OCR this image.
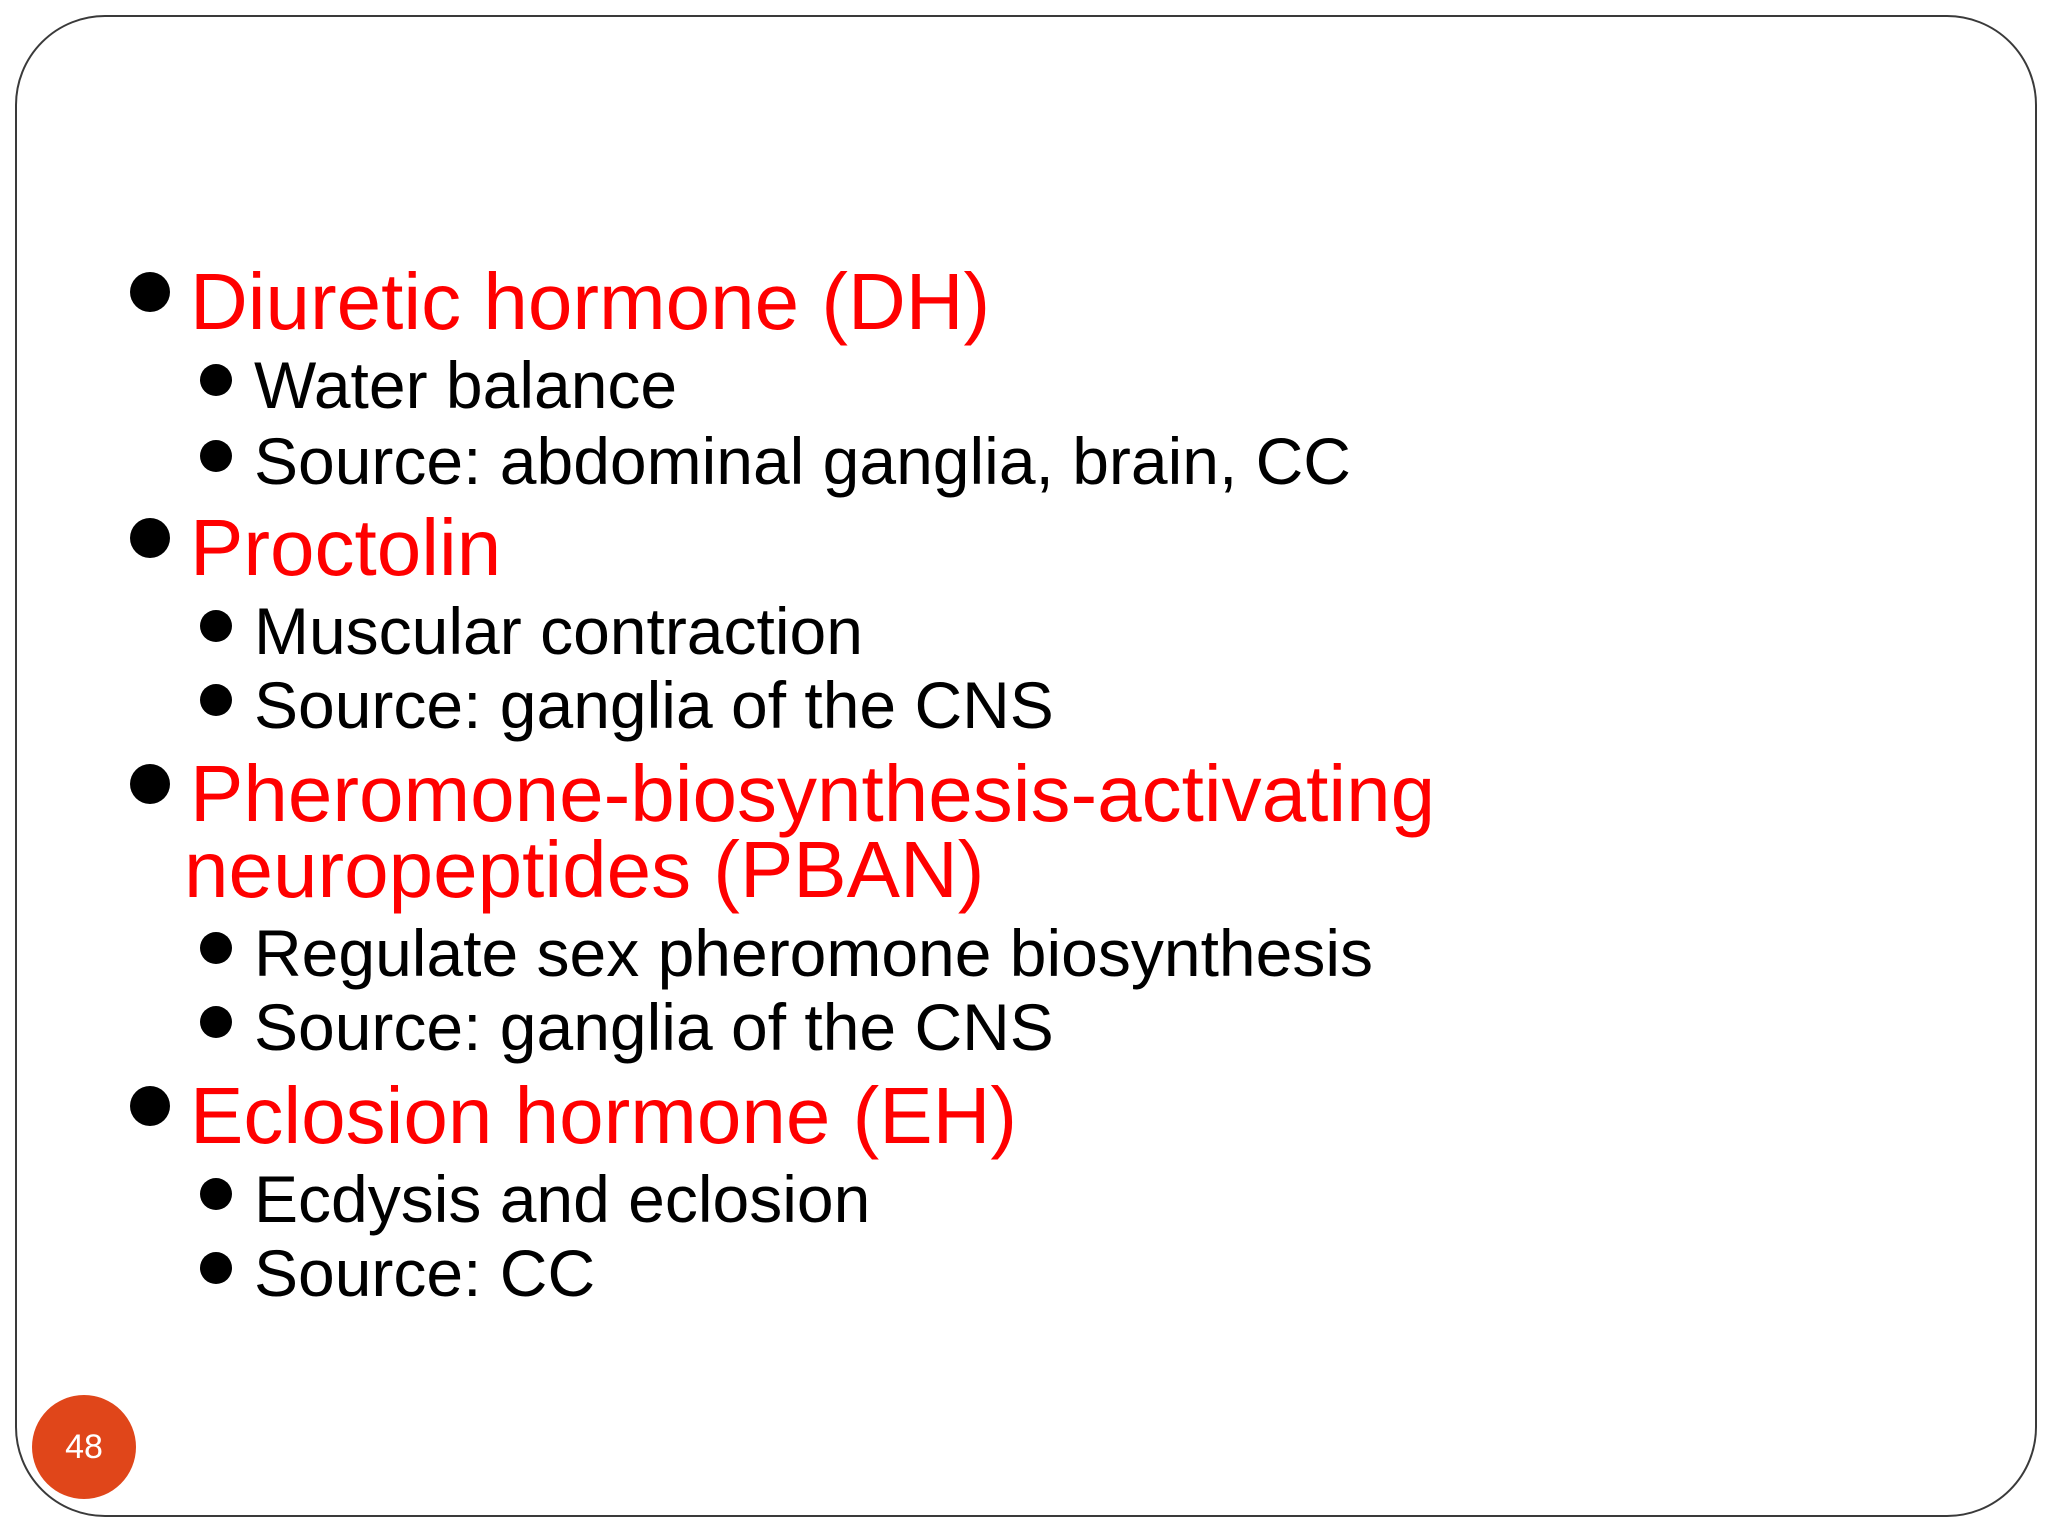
Diuretic hormone (DH)
Water balance
Source: abdominal ganglia, brain, CC
Proctolin
Muscular contraction
Source: ganglia of the CNS
Pheromone-biosynthesis-activating
neuropeptides (PBAN)
Regulate sex pheromone biosynthesis
Source: ganglia of the CNS
Eclosion hormone (EH)
Ecdysis and eclosion
Source: CC
48
